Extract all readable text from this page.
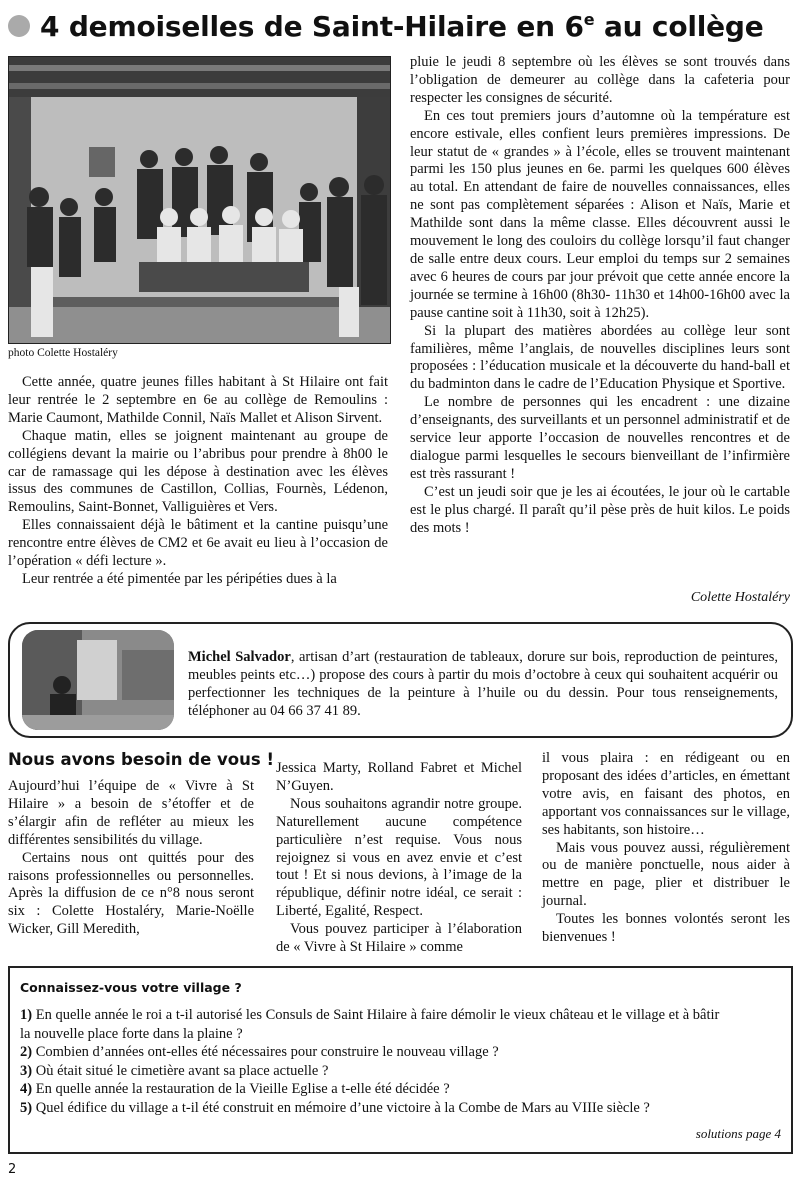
4 demoiselles de Saint-Hilaire en 6e au collège
photo Colette Hostaléry

Cette année, quatre jeunes filles habitant à St Hilaire ont fait leur rentrée le 2 septembre en 6e au collège de Remoulins : Marie Caumont, Mathilde Connil, Naïs Mallet et Alison Sirvent.

Chaque matin, elles se joignent maintenant au groupe de collégiens devant la mairie ou l’abribus pour prendre à 8h00 le car de ramassage qui les dépose à destination avec les élèves issus des communes de Castillon, Collias, Fournès, Lédenon, Remoulins, Saint-Bonnet, Valliguières et Vers.

Elles connaissaient déjà le bâtiment et la cantine puisqu’une rencontre entre élèves de CM2 et 6e avait eu lieu à l’occasion de l’opération « défi lecture ».

Leur rentrée a été pimentée par les péripéties dues à la

pluie le jeudi 8 septembre où les élèves se sont trouvés dans l’obligation de demeurer au collège dans la cafeteria pour respecter les consignes de sécurité.

En ces tout premiers jours d’automne où la température est encore estivale, elles confient leurs premières impressions. De leur statut de « grandes » à l’école, elles se trouvent maintenant parmi les 150 plus jeunes en 6e. parmi les quelques 600 élèves au total. En attendant de faire de nouvelles connaissances, elles ne sont pas complètement séparées : Alison et Naïs, Marie et Mathilde sont dans la même classe. Elles découvrent aussi le mouvement le long des couloirs du collège lorsqu’il faut changer de salle entre deux cours. Leur emploi du temps sur 2 semaines avec 6 heures de cours par jour prévoit que cette année encore la journée se termine à 16h00 (8h30- 11h30 et 14h00-16h00 avec la pause cantine soit à 11h30, soit à 12h25).

Si la plupart des matières abordées au collège leur sont familières, même l’anglais, de nouvelles disciplines leurs sont proposées : l’éducation musicale et la découverte du hand-ball et du badminton dans le cadre de l’Education Physique et Sportive.

Le nombre de personnes qui les encadrent : une dizaine d’enseignants, des surveillants et un personnel administratif et de service leur apporte l’occasion de nouvelles rencontres et de dialogue parmi lesquelles le secours bienveillant de l’infirmière est très rassurant !

C’est un jeudi soir que je les ai écoutées, le jour où le cartable est le plus chargé. Il paraît qu’il pèse près de huit kilos. Le poids des mots !

Colette Hostaléry
Michel Salvador, artisan d’art (restauration de tableaux, dorure sur bois, reproduction de peintures, meubles peints etc…) propose des cours à partir du mois d’octobre à ceux qui souhaitent acquérir ou perfectionner les techniques de la peinture à l’huile ou du dessin. Pour tous renseignements, téléphoner au 04 66 37 41 89.
Nous avons besoin de vous !

Aujourd’hui l’équipe de « Vivre à St Hilaire » a besoin de s’étoffer et de s’élargir afin de refléter au mieux les différentes sensibilités du village.

Certains nous ont quittés pour des raisons professionnelles ou personnelles. Après la diffusion de ce n°8 nous seront six : Colette Hostaléry, Marie-Noëlle Wicker, Gill Meredith,

Jessica Marty, Rolland Fabret et Michel N’Guyen.

Nous souhaitons agrandir notre groupe. Naturellement aucune compétence particulière n’est requise. Vous nous rejoignez si vous en avez envie et c’est tout ! Et si nous devions, à l’image de la république, définir notre idéal, ce serait : Liberté, Egalité, Respect.

Vous pouvez participer à l’élaboration de « Vivre à St Hilaire » comme

il vous plaira : en rédigeant ou en proposant des idées d’articles, en émettant votre avis, en faisant des photos, en apportant vos connaissances sur le village, ses habitants, son histoire…

Mais vous pouvez aussi, régulièrement ou de manière ponctuelle, nous aider à mettre en page, plier et distribuer le journal.

Toutes les bonnes volontés seront les bienvenues !

Connaissez-vous votre village ?
1) En quelle année le roi a t-il autorisé les Consuls de Saint Hilaire à faire démolir le vieux château et le village et à bâtir
la nouvelle place forte dans la plaine ?
2) Combien d’années ont-elles été nécessaires pour construire le nouveau village ?
3) Où était situé le cimetière avant sa place actuelle ?
4) En quelle année la restauration de la Vieille Eglise a t-elle été décidée ?
5) Quel édifice du village a t-il été construit en mémoire d’une victoire à la Combe de Mars au VIIIe siècle ?
solutions page 4
2
